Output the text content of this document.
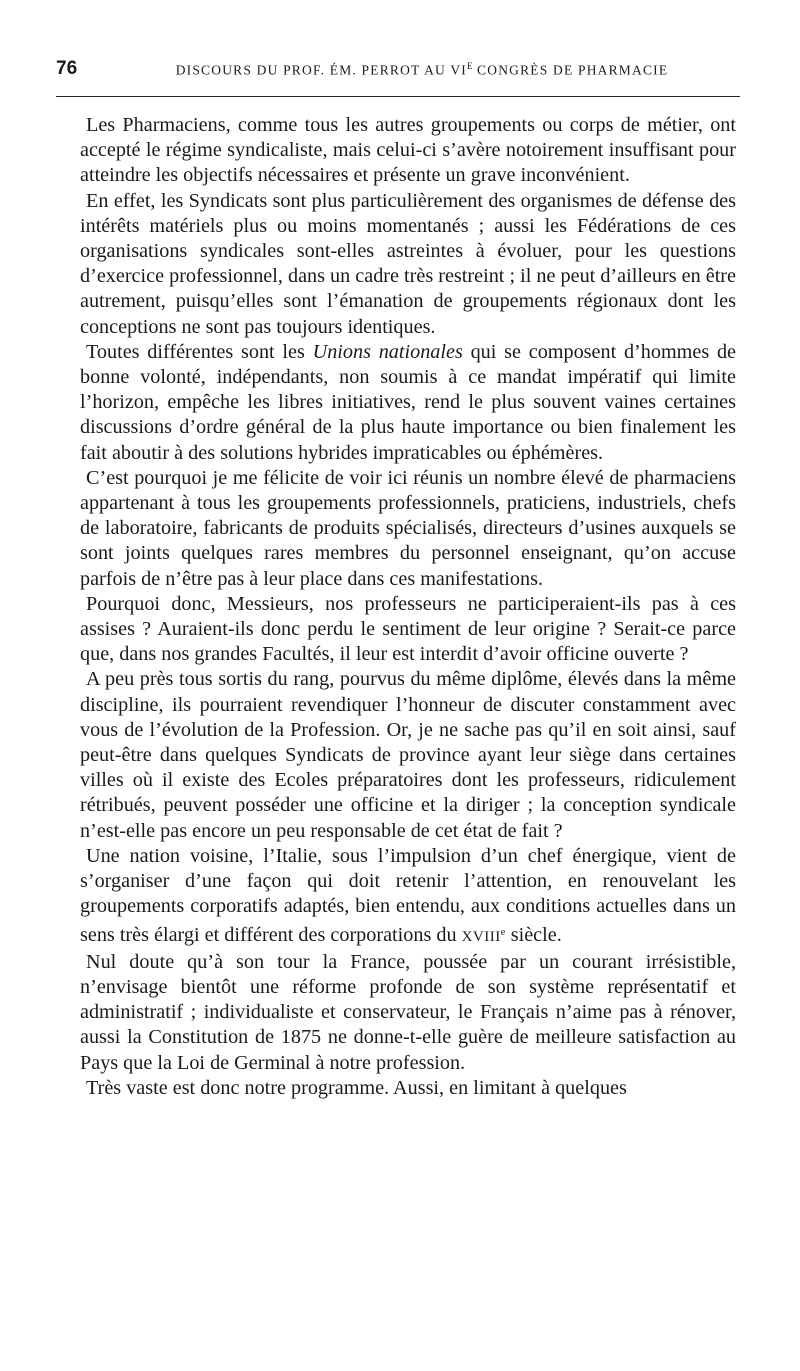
76	DISCOURS DU PROF. ÉM. PERROT AU $VI^E$ CONGRÈS DE PHARMACIE

Les Pharmaciens, comme tous les autres groupements ou corps de métier, ont accepté le régime syndicaliste, mais celui-ci s’avère notoirement insuffisant pour atteindre les objectifs nécessaires et présente un grave inconvénient.

En effet, les Syndicats sont plus particulièrement des organismes de défense des intérêts matériels plus ou moins momentanés ; aussi les Fédérations de ces organisations syndicales sont-elles astreintes à évoluer, pour les questions d’exercice professionnel, dans un cadre très restreint ; il ne peut d’ailleurs en être autrement, puisqu’elles sont l’émanation de groupements régionaux dont les conceptions ne sont pas toujours identiques.

Toutes différentes sont les Unions nationales qui se composent d’hommes de bonne volonté, indépendants, non soumis à ce mandat impératif qui limite l’horizon, empêche les libres initiatives, rend le plus souvent vaines certaines discussions d’ordre général de la plus haute importance ou bien finalement les fait aboutir à des solutions hybrides impraticables ou éphémères.

C’est pourquoi je me félicite de voir ici réunis un nombre élevé de pharmaciens appartenant à tous les groupements professionnels, praticiens, industriels, chefs de laboratoire, fabricants de produits spécialisés, directeurs d’usines auxquels se sont joints quelques rares membres du personnel enseignant, qu’on accuse parfois de n’être pas à leur place dans ces manifestations.

Pourquoi donc, Messieurs, nos professeurs ne participeraient-ils pas à ces assises ? Auraient-ils donc perdu le sentiment de leur origine ? Serait-ce parce que, dans nos grandes Facultés, il leur est interdit d’avoir officine ouverte ?

A peu près tous sortis du rang, pourvus du même diplôme, élevés dans la même discipline, ils pourraient revendiquer l’honneur de discuter constamment avec vous de l’évolution de la Profession. Or, je ne sache pas qu’il en soit ainsi, sauf peut-être dans quelques Syndicats de province ayant leur siège dans certaines villes où il existe des Ecoles préparatoires dont les professeurs, ridiculement rétribués, peuvent posséder une officine et la diriger ; la conception syndicale n’est-elle pas encore un peu responsable de cet état de fait ?

Une nation voisine, l’Italie, sous l’impulsion d’un chef énergique, vient de s’organiser d’une façon qui doit retenir l’attention, en renouvelant les groupements corporatifs adaptés, bien entendu, aux conditions actuelles dans un sens très élargi et différent des corporations du XVIIIe siècle.

Nul doute qu’à son tour la France, poussée par un courant irrésistible, n’envisage bientôt une réforme profonde de son système représentatif et administratif ; individualiste et conservateur, le Français n’aime pas à rénover, aussi la Constitution de 1875 ne donne-t-elle guère de meilleure satisfaction au Pays que la Loi de Germinal à notre profession.

Très vaste est donc notre programme. Aussi, en limitant à quelques
